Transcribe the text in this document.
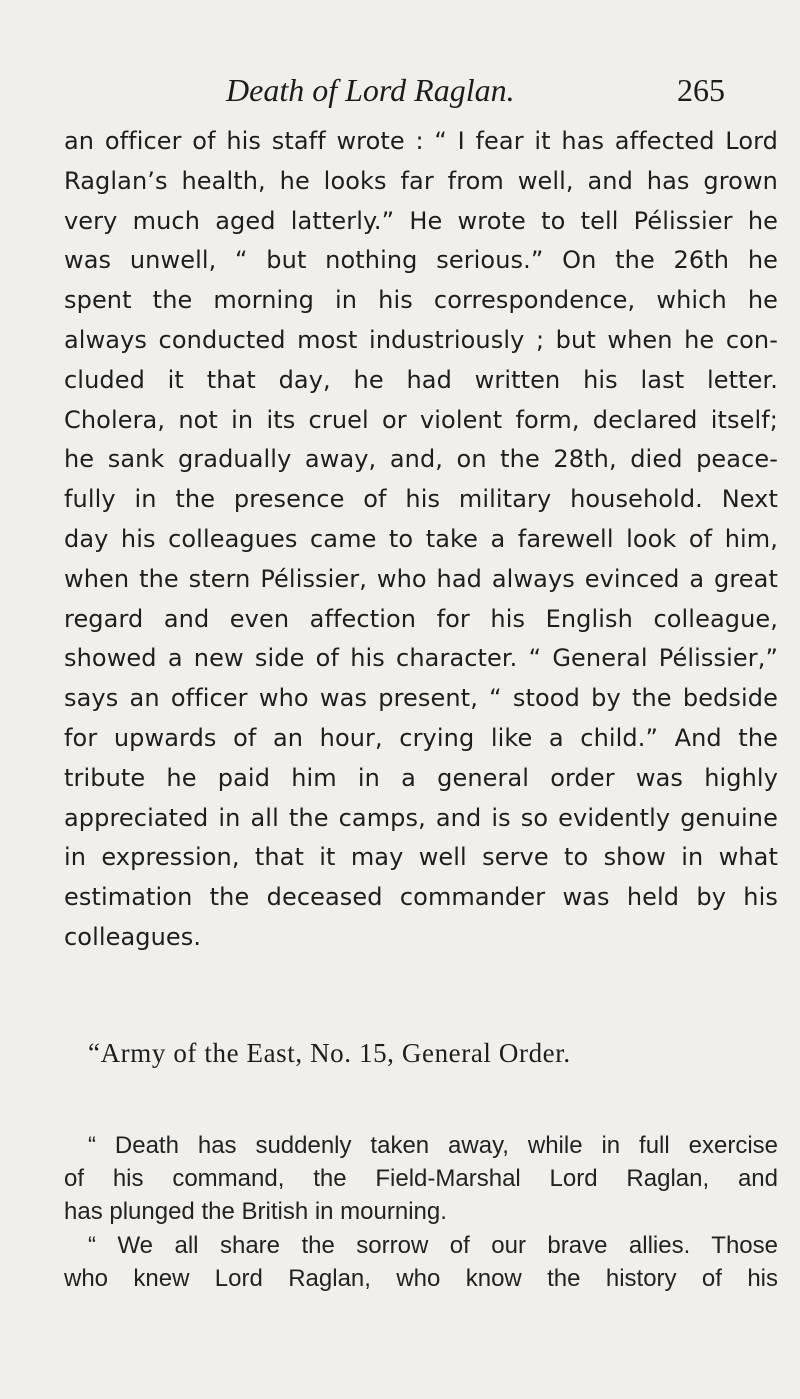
Death of Lord Raglan.	265
an officer of his staff wrote : “ I fear it has affected Lord
Raglan’s health, he looks far from well, and has grown
very much aged latterly.” He wrote to tell Pélissier he
was unwell, “ but nothing serious.” On the 26th he
spent the morning in his correspondence, which he
always conducted most industriously ; but when he con-
cluded it that day, he had written his last letter.
Cholera, not in its cruel or violent form, declared itself;
he sank gradually away, and, on the 28th, died peace-
fully in the presence of his military household. Next
day his colleagues came to take a farewell look of him,
when the stern Pélissier, who had always evinced a great
regard and even affection for his English colleague,
showed a new side of his character. “ General Pélissier,”
says an officer who was present, “ stood by the bedside
for upwards of an hour, crying like a child.” And the
tribute he paid him in a general order was highly
appreciated in all the camps, and is so evidently genuine
in expression, that it may well serve to show in what
estimation the deceased commander was held by his
colleagues.
“Army of the East, No. 15, General Order.
“ Death has suddenly taken away, while in full exercise
of his command, the Field-Marshal Lord Raglan, and
has plunged the British in mourning.
“ We all share the sorrow of our brave allies. Those
who knew Lord Raglan, who know the history of his
